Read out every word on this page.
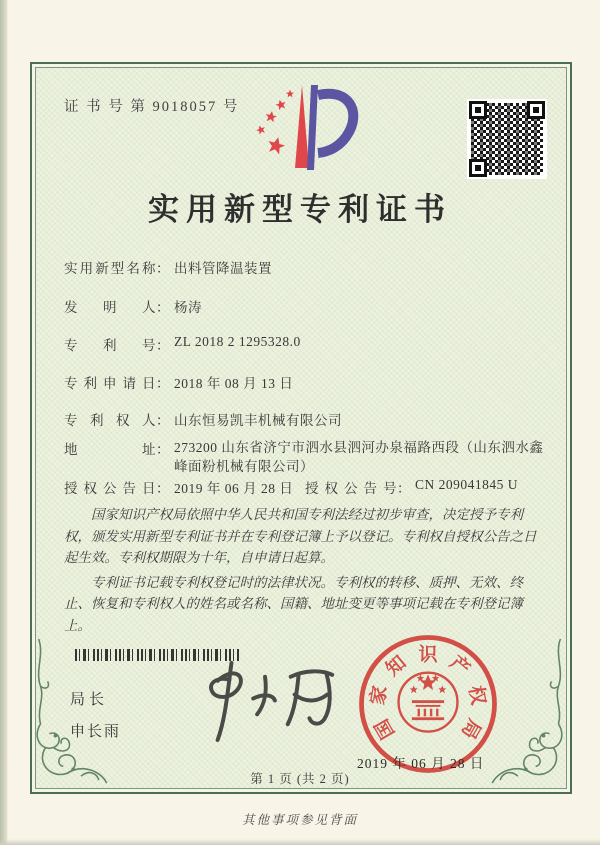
证 书 号 第 9018057 号
实用新型专利证书
实用新型名称： 出料管降温装置
发明人： 杨涛
专利号： ZL 2018 2 1295328.0
专利申请日： 2018 年 08 月 13 日
专利权人： 山东恒易凯丰机械有限公司
地址： 273200 山东省济宁市泗水县泗河办泉福路西段（山东泗水鑫峰面粉机械有限公司）
授权公告日： 2019 年 06 月 28 日 授权公告号： CN 209041845 U

国家知识产权局依照中华人民共和国专利法经过初步审查，决定授予专利权，颁发实用新型专利证书并在专利登记簿上予以登记。专利权自授权公告之日起生效。专利权期限为十年，自申请日起算。

专利证书记载专利权登记时的法律状况。专利权的转移、质押、无效、终止、恢复和专利权人的姓名或名称、国籍、地址变更等事项记载在专利登记簿上。

局长
申长雨	国
家
知 识 产
权
局
2019 年 06 月 28 日
第 1 页 (共 2 页)
其他事项参见背面
